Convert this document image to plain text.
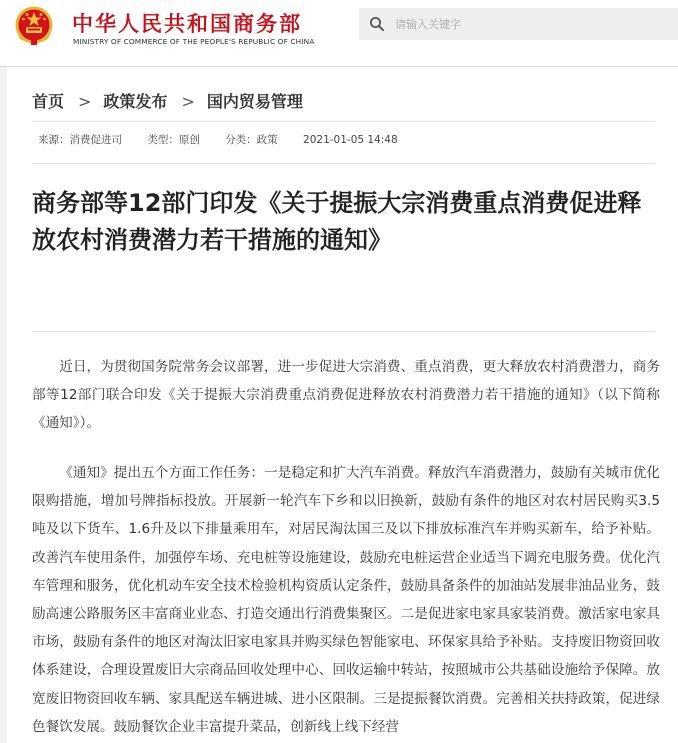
中华人民共和国商务部
MINISTRY OF COMMERCE OF THE PEOPLE'S REPUBLIC OF CHINA
请输入关键字
首页 > 政策发布 > 国内贸易管理
来源：消费促进司 类型：原创 分类：政策 2021-01-05 14:48
商务部等12部门印发《关于提振大宗消费重点消费促进释放农村消费潜力若干措施的通知》

近日，为贯彻国务院常务会议部署，进一步促进大宗消费、重点消费，更大释放农村消费潜力，商务部等12部门联合印发《关于提振大宗消费重点消费促进释放农村消费潜力若干措施的通知》（以下简称《通知》）。

《通知》提出五个方面工作任务：一是稳定和扩大汽车消费。释放汽车消费潜力，鼓励有关城市优化限购措施，增加号牌指标投放。开展新一轮汽车下乡和以旧换新，鼓励有条件的地区对农村居民购买3.5吨及以下货车、1.6升及以下排量乘用车，对居民淘汰国三及以下排放标准汽车并购买新车，给予补贴。改善汽车使用条件，加强停车场、充电桩等设施建设，鼓励充电桩运营企业适当下调充电服务费。优化汽车管理和服务，优化机动车安全技术检验机构资质认定条件，鼓励具备条件的加油站发展非油品业务，鼓励高速公路服务区丰富商业业态、打造交通出行消费集聚区。二是促进家电家具家装消费。激活家电家具市场，鼓励有条件的地区对淘汰旧家电家具并购买绿色智能家电、环保家具给予补贴。支持废旧物资回收体系建设，合理设置废旧大宗商品回收处理中心、回收运输中转站，按照城市公共基础设施给予保障。放宽废旧物资回收车辆、家具配送车辆进城、进小区限制。三是提振餐饮消费。完善相关扶持政策，促进绿色餐饮发展。鼓励餐饮企业丰富提升菜品，创新线上线下经营
